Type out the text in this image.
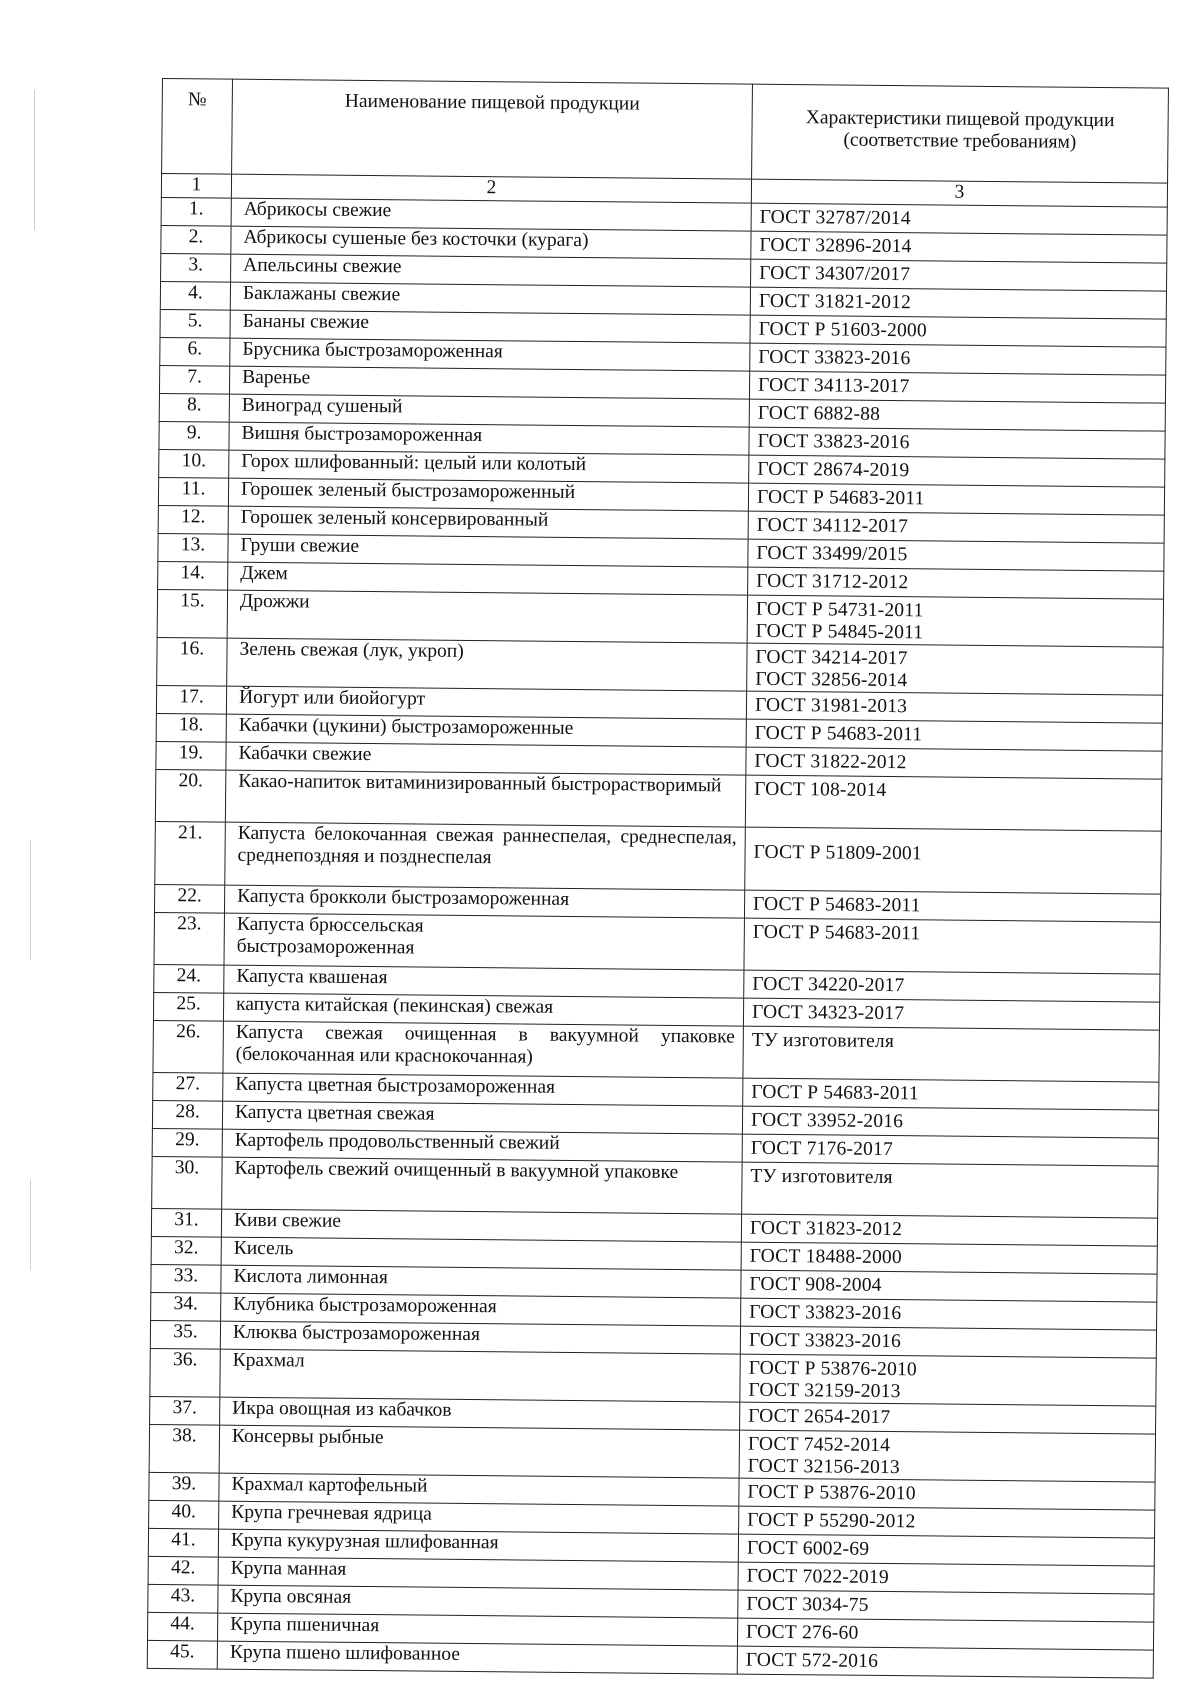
№	Наименование пищевой продукции	Характеристики пищевой продукции
(соответствие требованиям)

1	2	3
1.	Абрикосы свежие	ГОСТ 32787/2014

2.	Абрикосы сушеные без косточки (курага)	ГОСТ 32896-2014

3.	Апельсины свежие	ГОСТ 34307/2017

4.	Баклажаны свежие	ГОСТ 31821-2012

5.	Бананы свежие	ГОСТ Р 51603-2000

6.	Брусника быстрозамороженная	ГОСТ 33823-2016

7.	Варенье	ГОСТ 34113-2017

8.	Виноград сушеный	ГОСТ 6882-88

9.	Вишня быстрозамороженная	ГОСТ 33823-2016

10.	Горох шлифованный: целый или колотый	ГОСТ 28674-2019

11.	Горошек зеленый быстрозамороженный	ГОСТ Р 54683-2011

12.	Горошек зеленый консервированный	ГОСТ 34112-2017

13.	Груши свежие	ГОСТ 33499/2015

14.	Джем	ГОСТ 31712-2012

15.	Дрожжи	ГОСТ Р 54731-2011
ГОСТ Р 54845-2011

16.	Зелень свежая (лук, укроп)	ГОСТ 34214-2017
ГОСТ 32856-2014

17.	Йогурт или биойогурт	ГОСТ 31981-2013

18.	Кабачки (цукини) быстрозамороженные	ГОСТ Р 54683-2011

19.	Кабачки свежие	ГОСТ 31822-2012

20.	Какао-напиток витаминизированный быстрорастворимый	ГОСТ 108-2014

21.	Капуста белокочанная свежая раннеспелая, среднеспелая, среднепоздняя и позднеспелая	ГОСТ Р 51809-2001

22.	Капуста брокколи быстрозамороженная	ГОСТ Р 54683-2011

23.	Капуста брюссельская быстрозамороженная	ГОСТ Р 54683-2011

24.	Капуста квашеная	ГОСТ 34220-2017

25.	капуста китайская (пекинская) свежая	ГОСТ 34323-2017

26.	Капуста свежая очищенная в вакуумной упаковке (белокочанная или краснокочанная)	ТУ изготовителя

27.	Капуста цветная быстрозамороженная	ГОСТ Р 54683-2011

28.	Капуста цветная свежая	ГОСТ 33952-2016

29.	Картофель продовольственный свежий	ГОСТ 7176-2017

30.	Картофель свежий очищенный в вакуумной упаковке	ТУ изготовителя

31.	Киви свежие	ГОСТ 31823-2012

32.	Кисель	ГОСТ 18488-2000

33.	Кислота лимонная	ГОСТ 908-2004

34.	Клубника быстрозамороженная	ГОСТ 33823-2016

35.	Клюква быстрозамороженная	ГОСТ 33823-2016

36.	Крахмал	ГОСТ Р 53876-2010
ГОСТ 32159-2013

37.	Икра овощная из кабачков	ГОСТ 2654-2017

38.	Консервы рыбные	ГОСТ 7452-2014
ГОСТ 32156-2013

39.	Крахмал картофельный	ГОСТ Р 53876-2010

40.	Крупа гречневая ядрица	ГОСТ Р 55290-2012

41.	Крупа кукурузная шлифованная	ГОСТ 6002-69

42.	Крупа манная	ГОСТ 7022-2019

43.	Крупа овсяная	ГОСТ 3034-75

44.	Крупа пшеничная	ГОСТ 276-60

45.	Крупа пшено шлифованное	ГОСТ 572-2016
